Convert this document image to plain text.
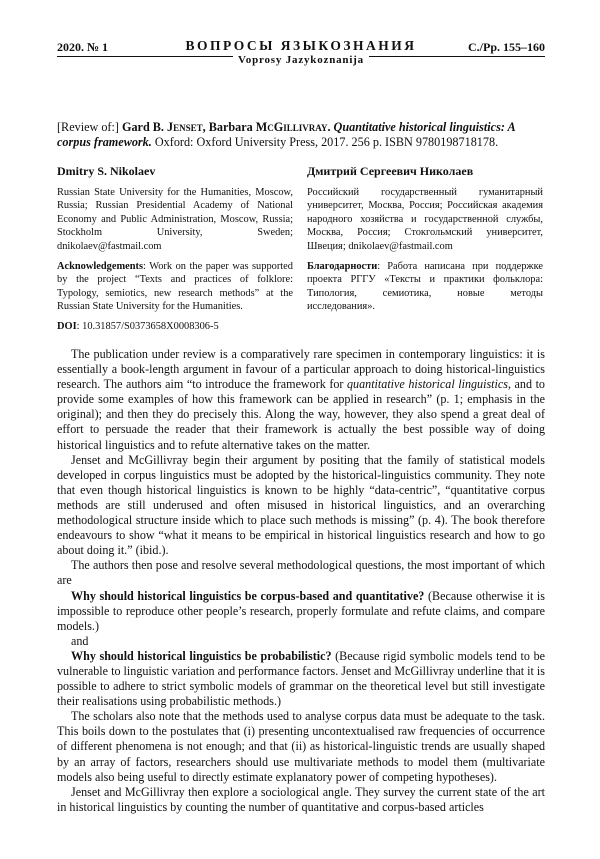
2020. № 1	ВОПРОСЫ ЯЗЫКОЗНАНИЯ	С./Pp. 155–160
Voprosy Jazykoznanija
[Review of:] Gard B. Jenset, Barbara McGillivray. Quantitative historical linguistics: A corpus framework. Oxford: Oxford University Press, 2017. 256 p. ISBN 9780198718178.
Dmitry S. Nikolaev
Russian State University for the Humanities, Moscow, Russia; Russian Presidential Academy of National Economy and Public Administration, Moscow, Russia; Stockholm University, Sweden; dnikolaev@fastmail.com
Acknowledgements: Work on the paper was supported by the project “Texts and practices of folklore: Typology, semiotics, new research methods” at the Russian State University for the Humanities.
DOI: 10.31857/S0373658X0008306-5
Дмитрий Сергеевич Николаев
Российский государственный гуманитарный университет, Москва, Россия; Российская академия народного хозяйства и государственной службы, Москва, Россия; Стокгольмский университет, Швеция; dnikolaev@fastmail.com
Благодарности: Работа написана при поддержке проекта РГГУ «Тексты и практики фольклора: Типология, семиотика, новые методы исследования».

The publication under review is a comparatively rare specimen in contemporary linguistics: it is essentially a book-length argument in favour of a particular approach to doing historical-linguistics research. The authors aim “to introduce the framework for quantitative historical linguistics, and to provide some examples of how this framework can be applied in research” (p. 1; emphasis in the original); and then they do precisely this. Along the way, however, they also spend a great deal of effort to persuade the reader that their framework is actually the best possible way of doing historical linguistics and to refute alternative takes on the matter.

Jenset and McGillivray begin their argument by positing that the family of statistical models developed in corpus linguistics must be adopted by the historical-linguistics community. They note that even though historical linguistics is known to be highly “data-centric”, “quantitative corpus methods are still underused and often misused in historical linguistics, and an overarching methodological structure inside which to place such methods is missing” (p. 4). The book therefore endeavours to show “what it means to be empirical in historical linguistics research and how to go about doing it.” (ibid.).

The authors then pose and resolve several methodological questions, the most important of which are

Why should historical linguistics be corpus-based and quantitative? (Because otherwise it is impossible to reproduce other people’s research, properly formulate and refute claims, and compare models.)

and

Why should historical linguistics be probabilistic? (Because rigid symbolic models tend to be vulnerable to linguistic variation and performance factors. Jenset and McGillivray underline that it is possible to adhere to strict symbolic models of grammar on the theoretical level but still investigate their realisations using probabilistic methods.)

The scholars also note that the methods used to analyse corpus data must be adequate to the task. This boils down to the postulates that (i) presenting uncontextualised raw frequencies of occurrence of different phenomena is not enough; and that (ii) as historical-linguistic trends are usually shaped by an array of factors, researchers should use multivariate methods to model them (multivariate models also being useful to directly estimate explanatory power of competing hypotheses).

Jenset and McGillivray then explore a sociological angle. They survey the current state of the art in historical linguistics by counting the number of quantitative and corpus-based articles
